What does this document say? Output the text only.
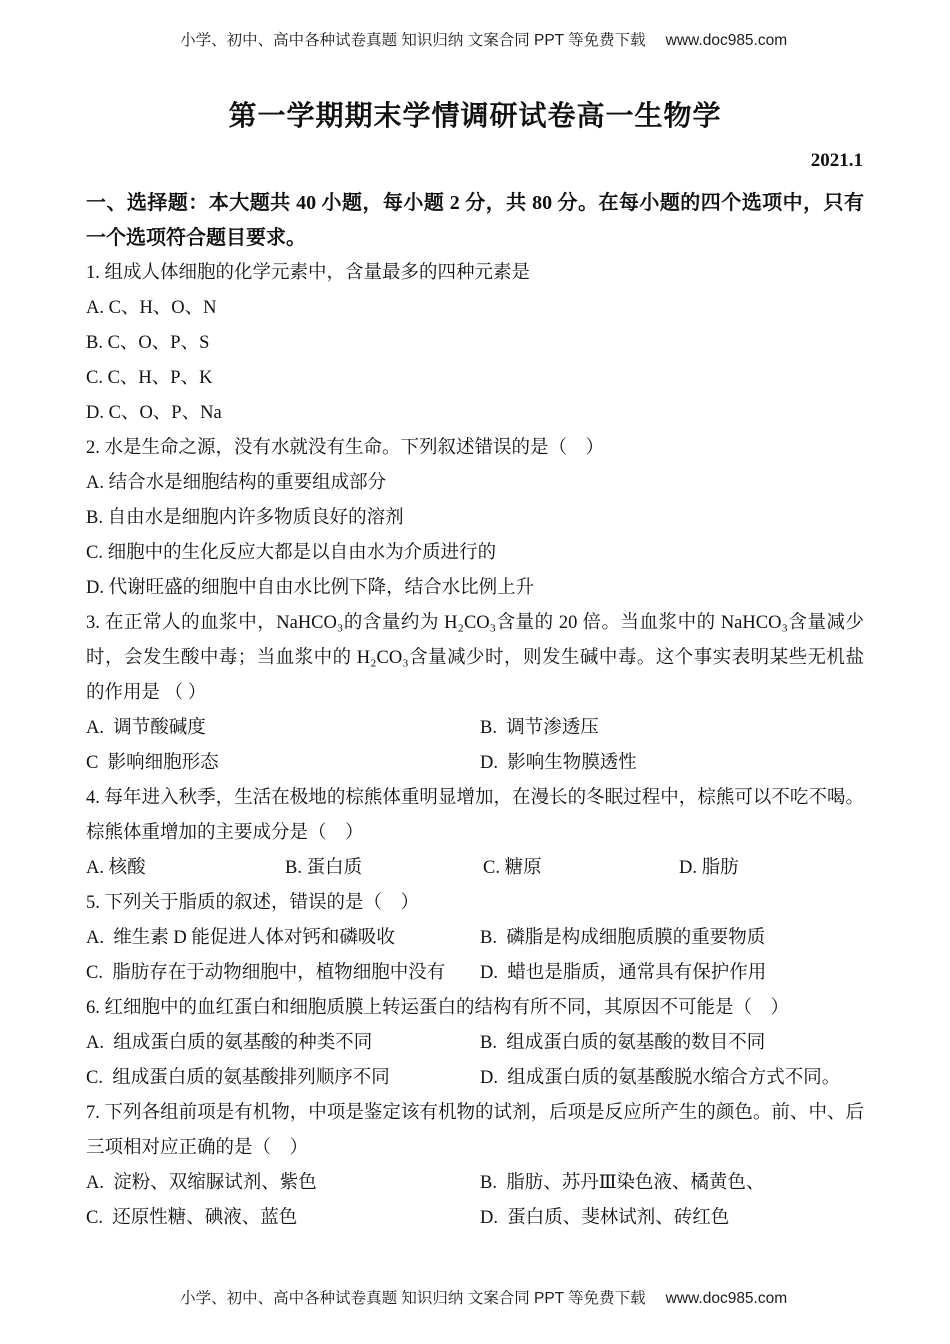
小学、初中、高中各种试卷真题 知识归纳 文案合同 PPT 等免费下载 www.doc985.com

第一学期期末学情调研试卷高一生物学
2021.1

一、选择题：本大题共 40 小题，每小题 2 分，共 80 分。在每小题的四个选项中，只有一个选项符合题目要求。

1. 组成人体细胞的化学元素中，含量最多的四种元素是

A. C、H、O、N
B. C、O、P、S
C. C、H、P、K
D. C、O、P、Na

2. 水是生命之源，没有水就没有生命。下列叙述错误的是（　）

A. 结合水是细胞结构的重要组成部分
B. 自由水是细胞内许多物质良好的溶剂
C. 细胞中的生化反应大都是以自由水为介质进行的
D. 代谢旺盛的细胞中自由水比例下降，结合水比例上升

3. 在正常人的血浆中，NaHCO₃的含量约为 H₂CO₃含量的 20 倍。当血浆中的 NaHCO₃含量减少时，会发生酸中毒；当血浆中的 H₂CO₃含量减少时，则发生碱中毒。这个事实表明某些无机盐的作用是 （ ）

A.  调节酸碱度	B.  调节渗透压
C  影响细胞形态	D.  影响生物膜透性

4. 每年进入秋季，生活在极地的棕熊体重明显增加，在漫长的冬眠过程中，棕熊可以不吃不喝。棕熊体重增加的主要成分是（　）

A. 核酸	B. 蛋白质	C. 糖原	D. 脂肪

5. 下列关于脂质的叙述，错误的是（　）

A.  维生素 D 能促进人体对钙和磷吸收	B.  磷脂是构成细胞质膜的重要物质
C.  脂肪存在于动物细胞中，植物细胞中没有	D.  蜡也是脂质，通常具有保护作用

6. 红细胞中的血红蛋白和细胞质膜上转运蛋白的结构有所不同，其原因不可能是（　）

A.  组成蛋白质的氨基酸的种类不同	B.  组成蛋白质的氨基酸的数目不同
C.  组成蛋白质的氨基酸排列顺序不同	D.  组成蛋白质的氨基酸脱水缩合方式不同。

7. 下列各组前项是有机物，中项是鉴定该有机物的试剂，后项是反应所产生的颜色。前、中、后三项相对应正确的是（　）

A.  淀粉、双缩脲试剂、紫色	B.  脂肪、苏丹Ⅲ染色液、橘黄色、
C.  还原性糖、碘液、蓝色	D.  蛋白质、斐林试剂、砖红色

小学、初中、高中各种试卷真题 知识归纳 文案合同 PPT 等免费下载 www.doc985.com
